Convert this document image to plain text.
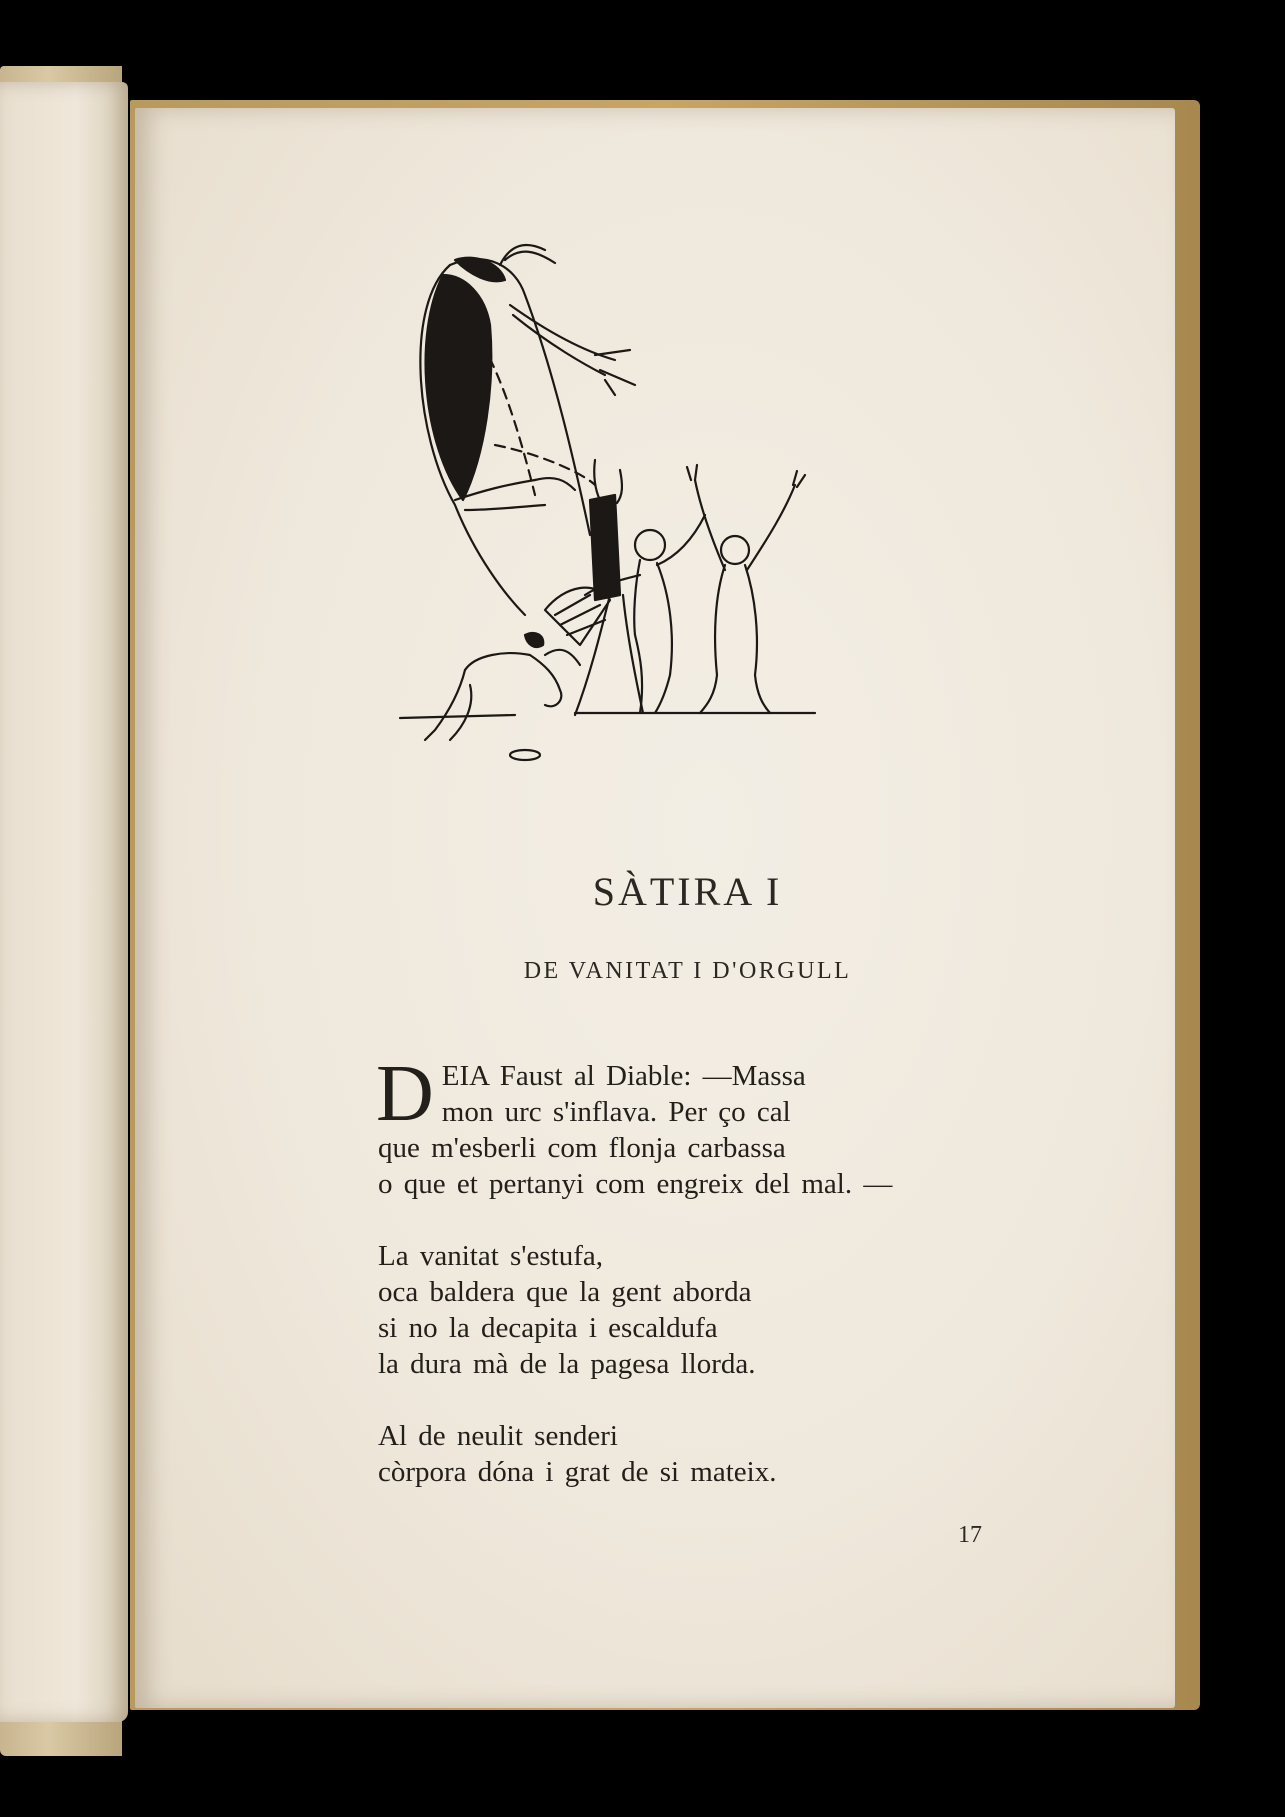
SÀTIRA I
DE VANITAT I D'ORGULL
D EIA Faust al Diable: —Massa
mon urc s'inflava. Per ço cal
que m'esberli com flonja carbassa
o que et pertanyi com engreix del mal. —
La vanitat s'estufa,
oca baldera que la gent aborda
si no la decapita i escaldufa
la dura mà de la pagesa llorda.
Al de neulit senderi
còrpora dóna i grat de si mateix.
17
